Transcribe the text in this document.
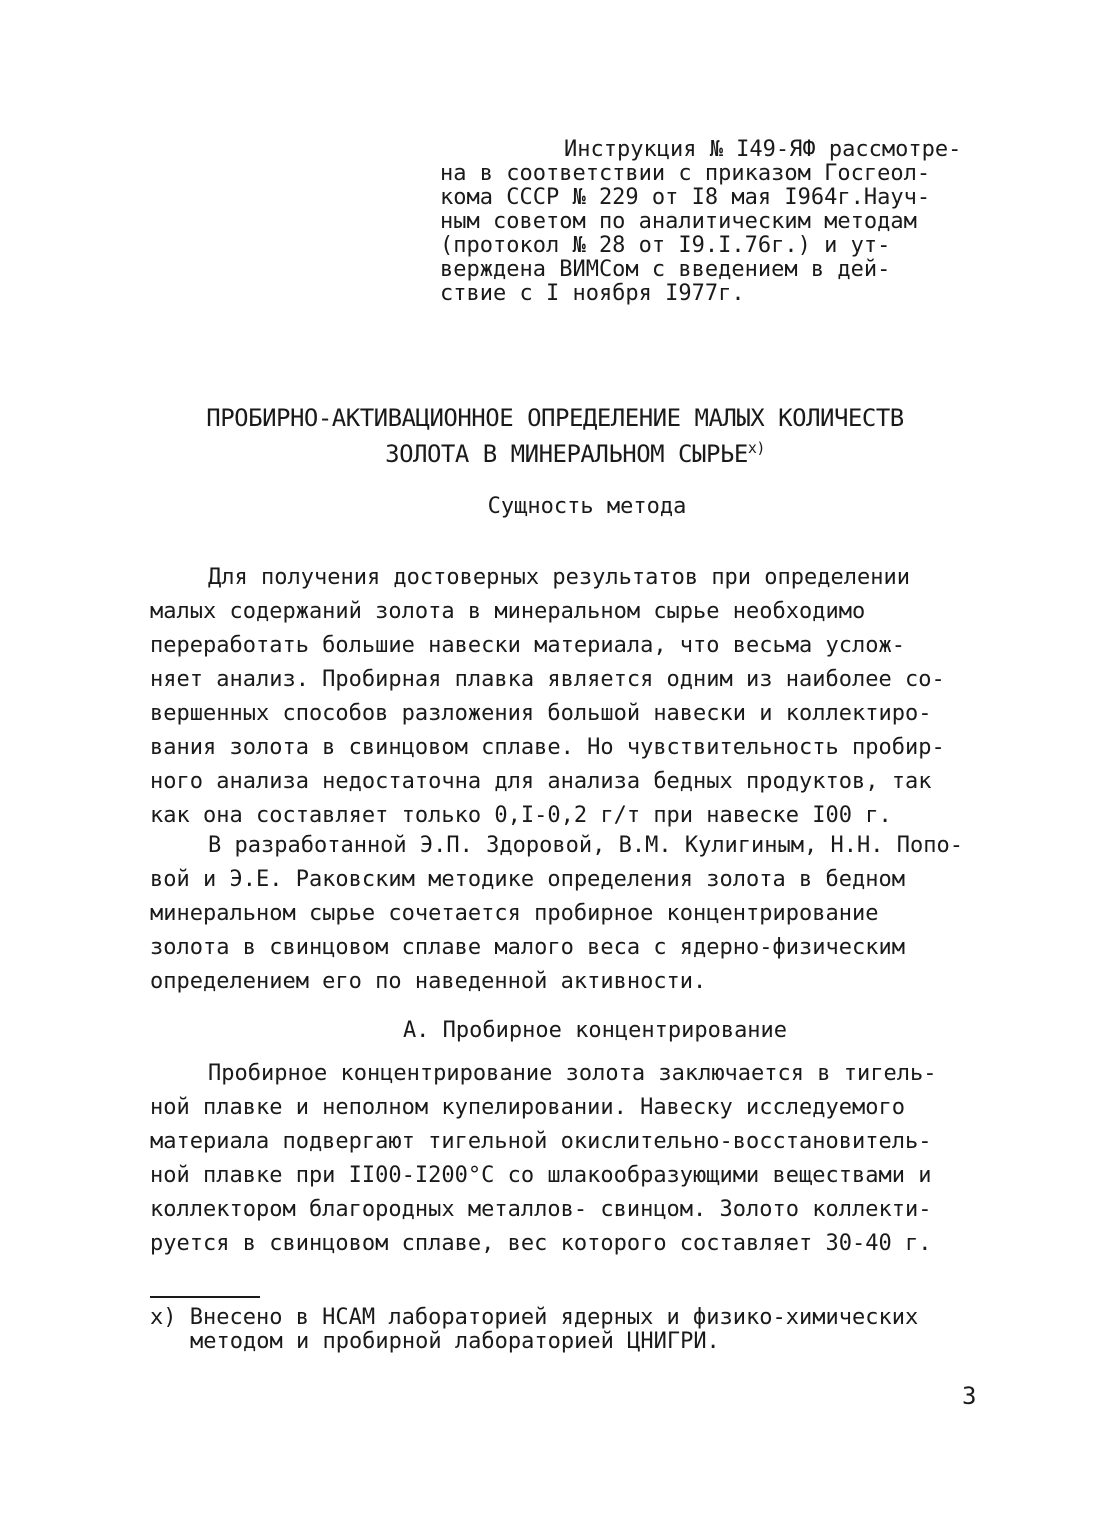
Инструкция № I49-ЯФ рассмотре-
на в соответствии с приказом Госгеол-
кома СССР № 229 от I8 мая I964г.Науч-
ным советом по аналитическим методам
(протокол № 28 от I9.I.76г.) и ут-
верждена ВИМСом с введением в дей-
ствие с I ноября I977г.
ПРОБИРНО-АКТИВАЦИОННОЕ ОПРЕДЕЛЕНИЕ МАЛЫХ КОЛИЧЕСТВ
ЗОЛОТА В МИНЕРАЛЬНОМ СЫРЬЕ$^{x)}$
Сущность метода
Для получения достоверных результатов при определении
малых содержаний золота в минеральном сырье необходимо
переработать большие навески материала, что весьма услож-
няет анализ. Пробирная плавка является одним из наиболее со-
вершенных способов разложения большой навески и коллектиро-
вания золота в свинцовом сплаве. Но чувствительность пробир-
ного анализа недостаточна для анализа бедных продуктов, так
как она составляет только 0,I-0,2 г/т при навеске I00 г.
В разработанной Э.П. Здоровой, В.М. Кулигиным, Н.Н. Попо-
вой и Э.Е. Раковским методике определения золота в бедном
минеральном сырье сочетается пробирное концентрирование
золота в свинцовом сплаве малого веса с ядерно-физическим
определением его по наведенной активности.
А. Пробирное концентрирование
Пробирное концентрирование золота заключается в тигель-
ной плавке и неполном купелировании. Навеску исследуемого
материала подвергают тигельной окислительно-восстановитель-
ной плавке при II00-I200°С со шлакообразующими веществами и
коллектором благородных металлов- свинцом. Золото коллекти-
руется в свинцовом сплаве, вес которого составляет 30-40 г.
x) Внесено в НСАМ лабораторией ядерных и физико-химических
методом и пробирной лабораторией ЦНИГРИ.
3
